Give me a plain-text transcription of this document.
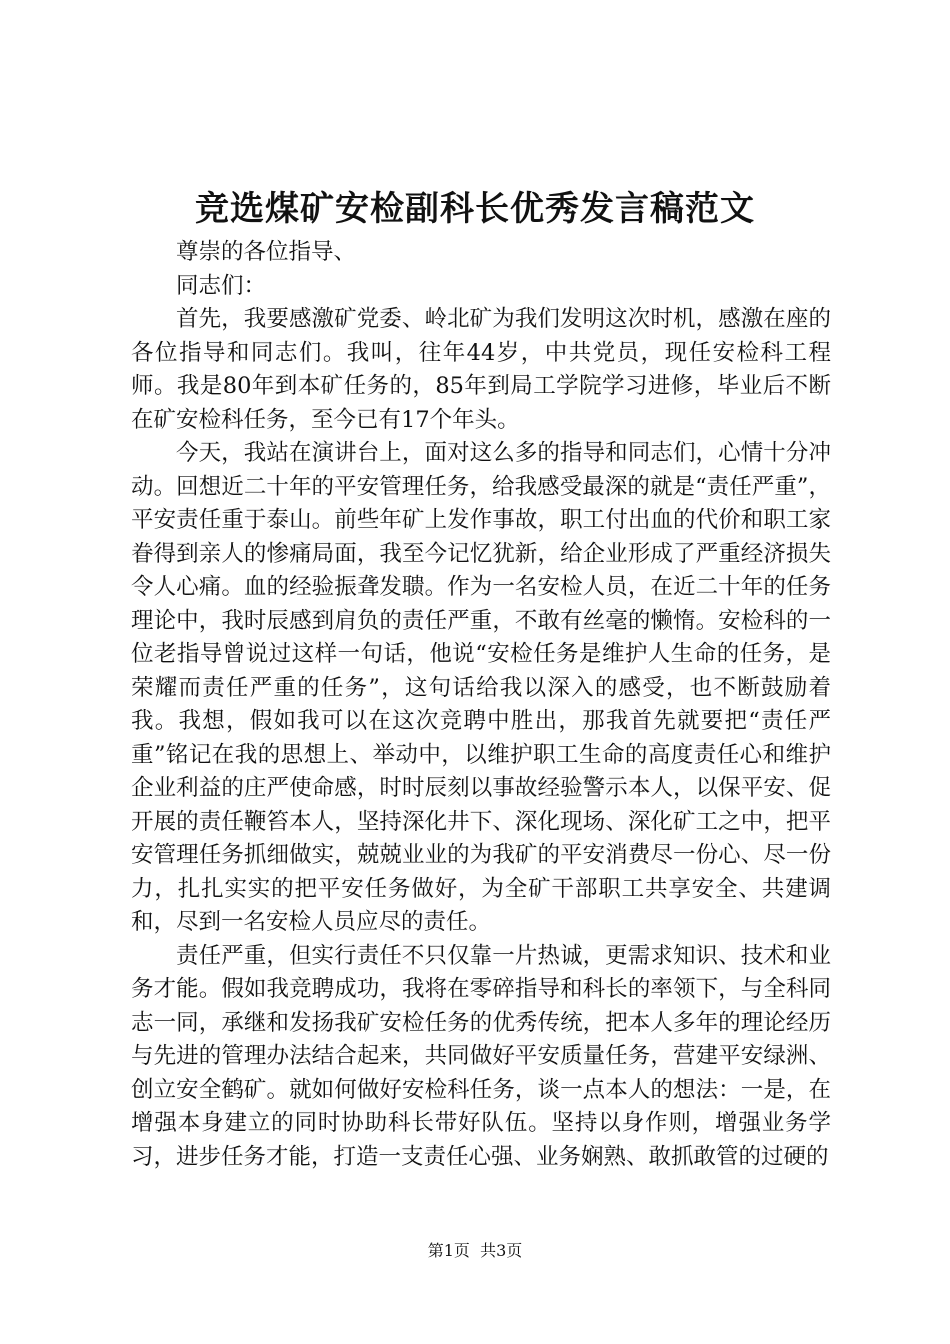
竞选煤矿安检副科长优秀发言稿范文

尊崇的各位指导、

同志们：

首先，我要感激矿党委、岭北矿为我们发明这次时机，感激在座的各位指导和同志们。我叫，往年44岁，中共党员，现任安检科工程师。我是80年到本矿任务的，85年到局工学院学习进修，毕业后不断在矿安检科任务，至今已有17个年头。

今天，我站在演讲台上，面对这么多的指导和同志们，心情十分冲动。回想近二十年的平安管理任务，给我感受最深的就是“责任严重”，平安责任重于泰山。前些年矿上发作事故，职工付出血的代价和职工家眷得到亲人的惨痛局面，我至今记忆犹新，给企业形成了严重经济损失令人心痛。血的经验振聋发聩。作为一名安检人员，在近二十年的任务理论中，我时辰感到肩负的责任严重，不敢有丝毫的懒惰。安检科的一位老指导曾说过这样一句话，他说“安检任务是维护人生命的任务，是荣耀而责任严重的任务”，这句话给我以深入的感受，也不断鼓励着我。我想，假如我可以在这次竞聘中胜出，那我首先就要把“责任严重”铭记在我的思想上、举动中，以维护职工生命的高度责任心和维护企业利益的庄严使命感，时时辰刻以事故经验警示本人，以保平安、促开展的责任鞭笞本人，坚持深化井下、深化现场、深化矿工之中，把平安管理任务抓细做实，兢兢业业的为我矿的平安消费尽一份心、尽一份力，扎扎实实的把平安任务做好，为全矿干部职工共享安全、共建调和，尽到一名安检人员应尽的责任。

责任严重，但实行责任不只仅靠一片热诚，更需求知识、技术和业务才能。假如我竞聘成功，我将在零碎指导和科长的率领下，与全科同志一同，承继和发扬我矿安检任务的优秀传统，把本人多年的理论经历与先进的管理办法结合起来，共同做好平安质量任务，营建平安绿洲、创立安全鹤矿。就如何做好安检科任务，谈一点本人的想法：一是，在增强本身建立的同时协助科长带好队伍。坚持以身作则，增强业务学习，进步任务才能，打造一支责任心强、业务娴熟、敢抓敢管的过硬的

第1页 共3页
